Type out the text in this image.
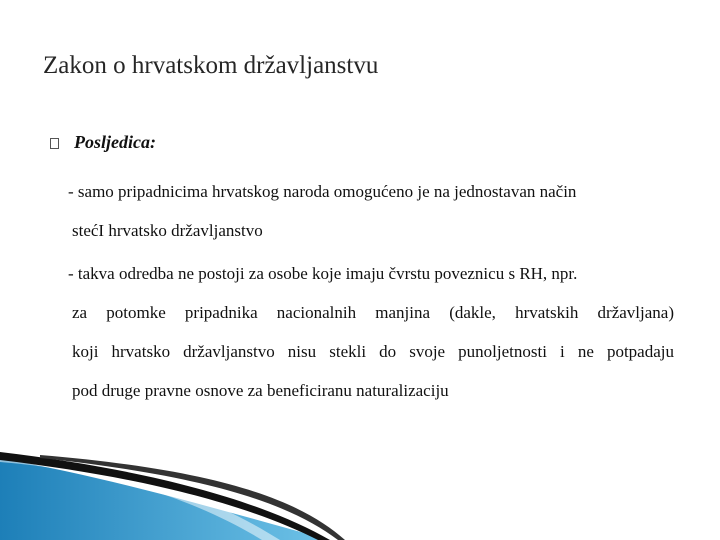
Zakon o hrvatskom državljanstvu
Posljedica:

- samo pripadnicima hrvatskog naroda omogućeno je na jednostavan način
stećI hrvatsko državljanstvo

- takva odredba ne postoji za osobe koje imaju čvrstu poveznicu s RH, npr.
za potomke pripadnika nacionalnih manjina (dakle, hrvatskih državljana)
koji hrvatsko državljanstvo nisu stekli do svoje punoljetnosti i ne potpadaju
pod druge pravne osnove za beneficiranu naturalizaciju
